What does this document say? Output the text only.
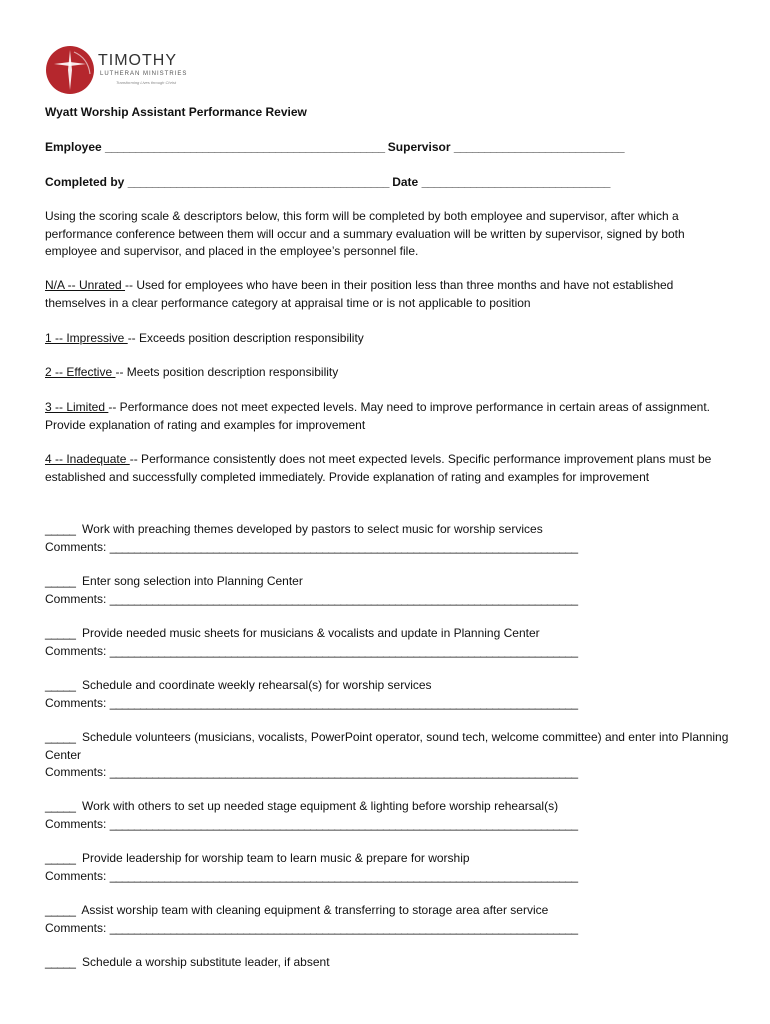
TIMOTHY
LUTHERAN MINISTRIES
Transforming Lives through Christ
Wyatt Worship Assistant Performance Review
Employee ______________________________________________ Supervisor ____________________________
Completed by ___________________________________________ Date _______________________________
Using the scoring scale & descriptors below, this form will be completed by both employee and supervisor, after which a performance conference between them will occur and a summary evaluation will be written by supervisor, signed by both employee and supervisor, and placed in the employee’s personnel file.
N/A -- Unrated -- Used for employees who have been in their position less than three months and have not established themselves in a clear performance category at appraisal time or is not applicable to position
1 -- Impressive -- Exceeds position description responsibility
2 -- Effective -- Meets position description responsibility
3 -- Limited -- Performance does not meet expected levels. May need to improve performance in certain areas of assignment. Provide explanation of rating and examples for improvement
4 -- Inadequate -- Performance consistently does not meet expected levels. Specific performance improvement plans must be established and successfully completed immediately. Provide explanation of rating and examples for improvement
_____ Work with preaching themes developed by pastors to select music for worship services
Comments: _____________________________________________________________________________
_____ Enter song selection into Planning Center
Comments: _____________________________________________________________________________
_____ Provide needed music sheets for musicians & vocalists and update in Planning Center
Comments: _____________________________________________________________________________
_____ Schedule and coordinate weekly rehearsal(s) for worship services
Comments: _____________________________________________________________________________
_____ Schedule volunteers (musicians, vocalists, PowerPoint operator, sound tech, welcome committee) and enter into Planning Center
Comments: _____________________________________________________________________________
_____ Work with others to set up needed stage equipment & lighting before worship rehearsal(s)
Comments: _____________________________________________________________________________
_____ Provide leadership for worship team to learn music & prepare for worship
Comments: _____________________________________________________________________________
_____ Assist worship team with cleaning equipment & transferring to storage area after service
Comments: _____________________________________________________________________________
_____ Schedule a worship substitute leader, if absent
